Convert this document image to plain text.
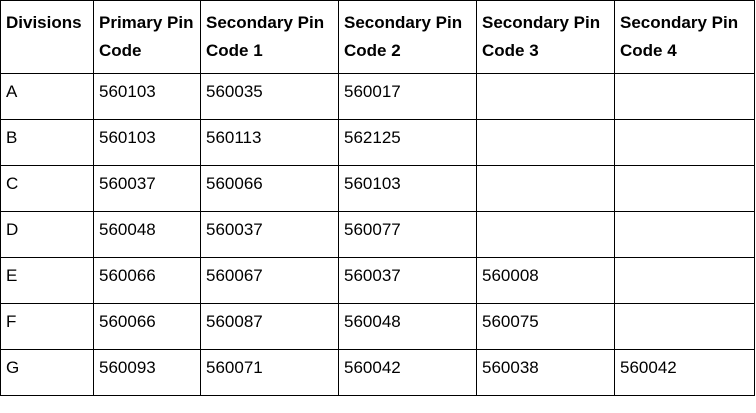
Divisions	Primary Pin Code	Secondary Pin Code 1	Secondary Pin Code 2	Secondary Pin Code 3	Secondary Pin Code 4
A	560103	560035	560017		
B	560103	560113	562125		
C	560037	560066	560103		
D	560048	560037	560077		
E	560066	560067	560037	560008	
F	560066	560087	560048	560075	
G	560093	560071	560042	560038	560042
